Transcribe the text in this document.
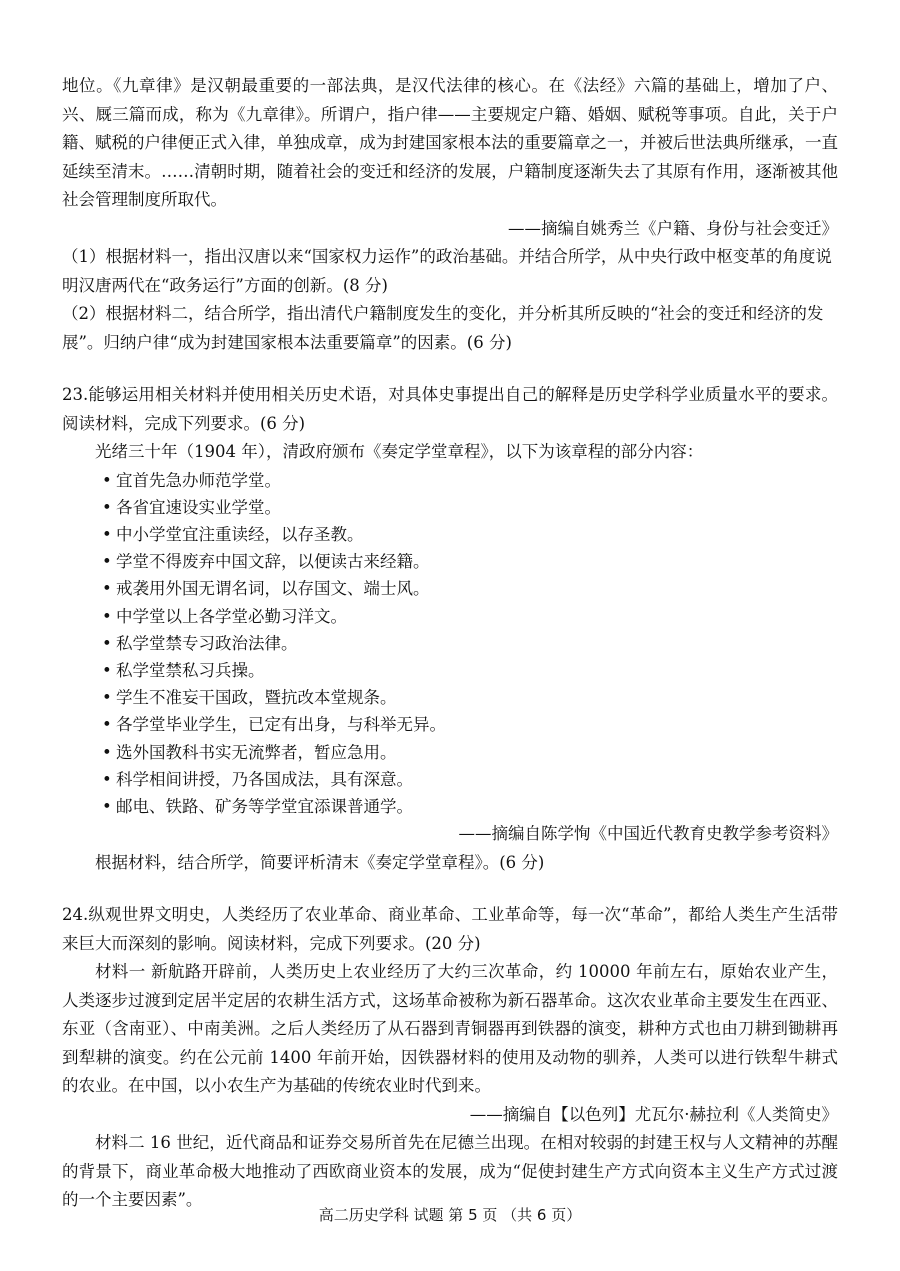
地位。《九章律》是汉朝最重要的一部法典，是汉代法律的核心。在《法经》六篇的基础上，增加了户、兴、厩三篇而成，称为《九章律》。所谓户，指户律——主要规定户籍、婚姻、赋税等事项。自此，关于户籍、赋税的户律便正式入律，单独成章，成为封建国家根本法的重要篇章之一，并被后世法典所继承，一直延续至清末。……清朝时期，随着社会的变迁和经济的发展，户籍制度逐渐失去了其原有作用，逐渐被其他社会管理制度所取代。

——摘编自姚秀兰《户籍、身份与社会变迁》

（1）根据材料一，指出汉唐以来“国家权力运作”的政治基础。并结合所学，从中央行政中枢变革的角度说明汉唐两代在“政务运行”方面的创新。(8 分)

（2）根据材料二，结合所学，指出清代户籍制度发生的变化，并分析其所反映的“社会的变迁和经济的发展”。归纳户律“成为封建国家根本法重要篇章”的因素。(6 分)

23.能够运用相关材料并使用相关历史术语，对具体史事提出自己的解释是历史学科学业质量水平的要求。阅读材料，完成下列要求。(6 分)

光绪三十年（1904 年），清政府颁布《奏定学堂章程》，以下为该章程的部分内容：

• 宜首先急办师范学堂。
• 各省宜速设实业学堂。
• 中小学堂宜注重读经，以存圣教。
• 学堂不得废弃中国文辞，以便读古来经籍。
• 戒袭用外国无谓名词，以存国文、端士风。
• 中学堂以上各学堂必勤习洋文。
• 私学堂禁专习政治法律。
• 私学堂禁私习兵操。
• 学生不准妄干国政，暨抗改本堂规条。
• 各学堂毕业学生，已定有出身，与科举无异。
• 选外国教科书实无流弊者，暂应急用。
• 科学相间讲授，乃各国成法，具有深意。
• 邮电、铁路、矿务等学堂宜添课普通学。

——摘编自陈学恂《中国近代教育史教学参考资料》

根据材料，结合所学，简要评析清末《奏定学堂章程》。(6 分)

24.纵观世界文明史，人类经历了农业革命、商业革命、工业革命等，每一次“革命”，都给人类生产生活带来巨大而深刻的影响。阅读材料，完成下列要求。(20 分)

材料一 新航路开辟前，人类历史上农业经历了大约三次革命，约 10000 年前左右，原始农业产生，人类逐步过渡到定居半定居的农耕生活方式，这场革命被称为新石器革命。这次农业革命主要发生在西亚、东亚（含南亚）、中南美洲。之后人类经历了从石器到青铜器再到铁器的演变，耕种方式也由刀耕到锄耕再到犁耕的演变。约在公元前 1400 年前开始，因铁器材料的使用及动物的驯养，人类可以进行铁犁牛耕式的农业。在中国，以小农生产为基础的传统农业时代到来。

——摘编自【以色列】尤瓦尔·赫拉利《人类简史》

材料二 16 世纪，近代商品和证券交易所首先在尼德兰出现。在相对较弱的封建王权与人文精神的苏醒的背景下，商业革命极大地推动了西欧商业资本的发展，成为“促使封建生产方式向资本主义生产方式过渡的一个主要因素”。

高二历史学科 试题 第 5 页 （共 6 页）
